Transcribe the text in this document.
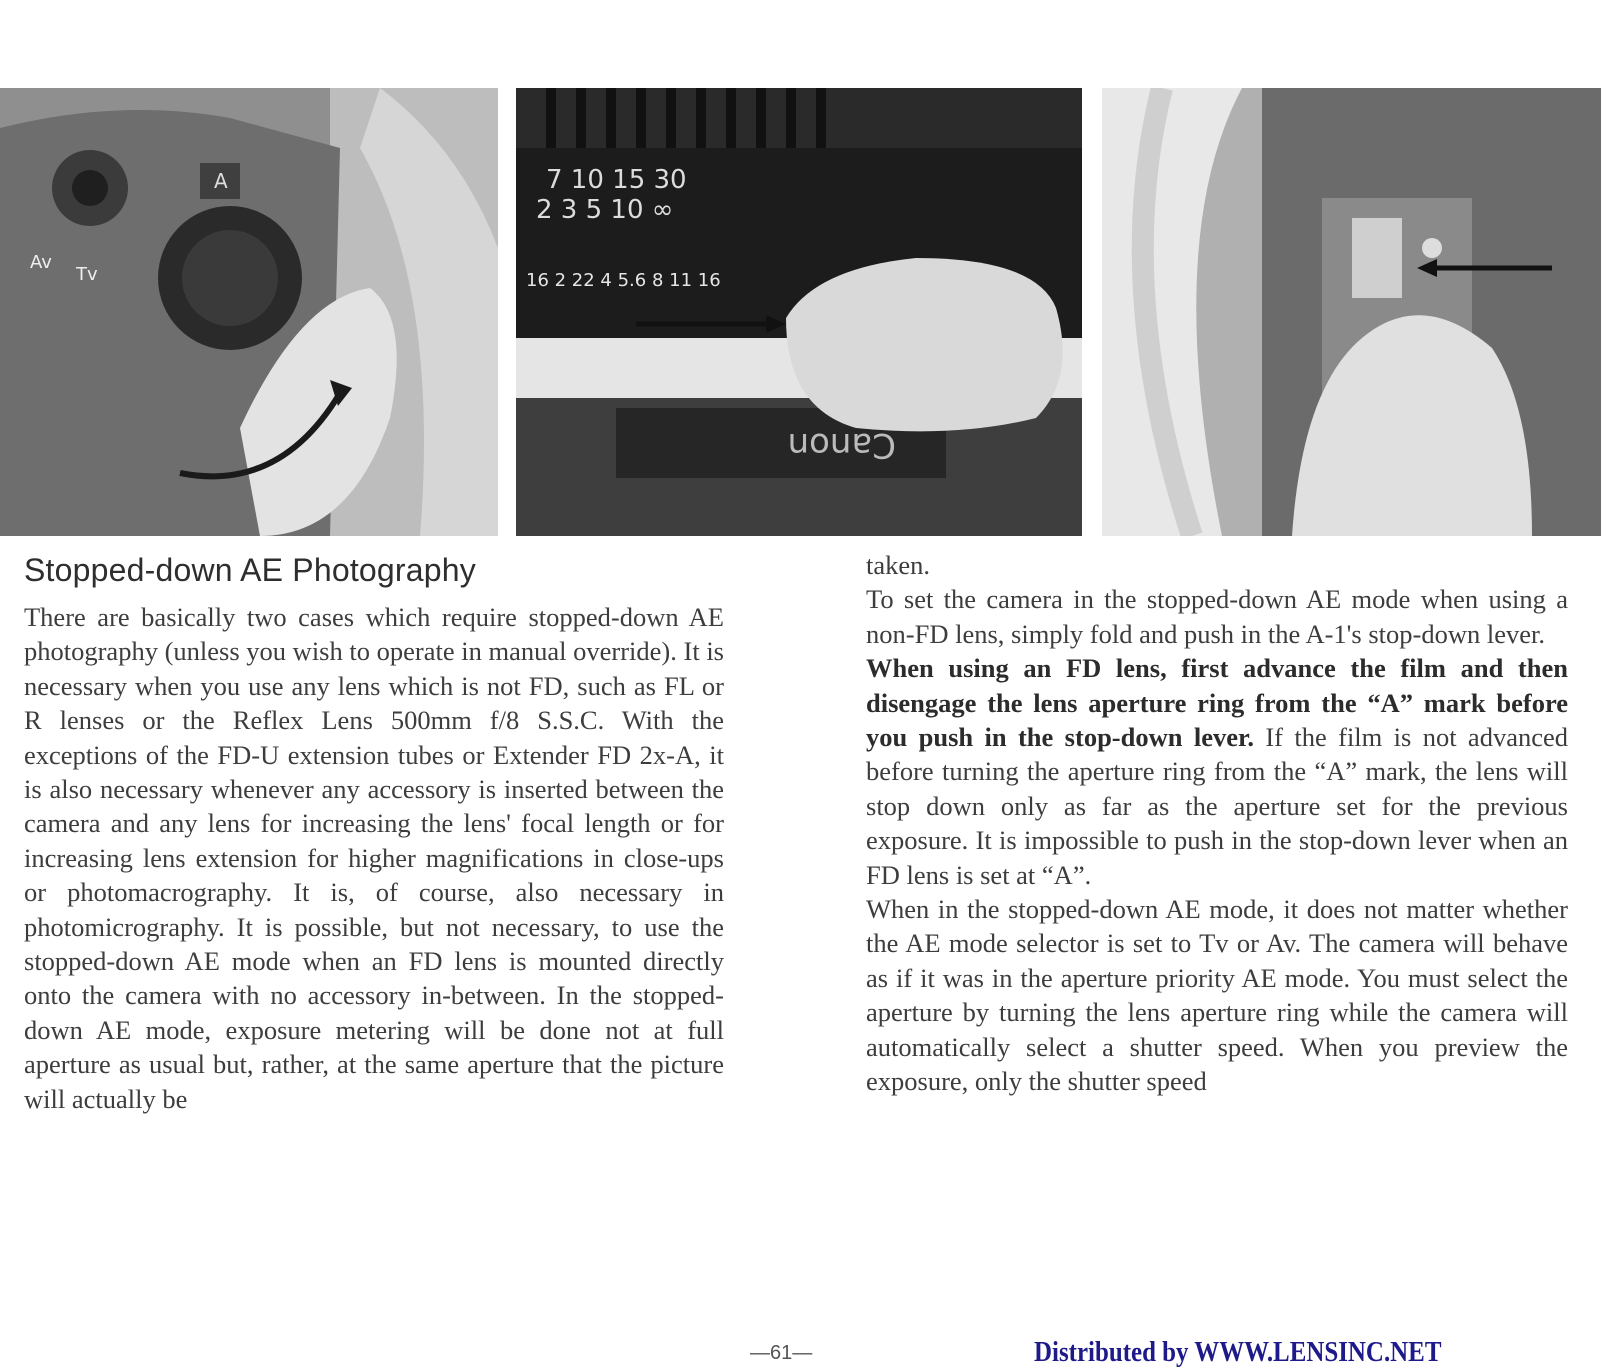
A
Av
Tv
7 10 15 30
2 3 5 10 ∞
16 2 22 4 5.6 8 11 16
Canon
Stopped-down AE Photography

There are basically two cases which require stopped-down AE photography (unless you wish to operate in manual override). It is necessary when you use any lens which is not FD, such as FL or R lenses or the Reflex Lens 500mm f/8 S.S.C. With the exceptions of the FD-U extension tubes or Extender FD 2x-A, it is also necessary whenever any accessory is inserted between the camera and any lens for increasing the lens' focal length or for increasing lens extension for higher magnifications in close-ups or photomacrography. It is, of course, also necessary in photomicrography. It is possible, but not necessary, to use the stopped-down AE mode when an FD lens is mounted directly onto the camera with no accessory in-between. In the stopped-down AE mode, exposure metering will be done not at full aperture as usual but, rather, at the same aperture that the picture will actually be

taken.

To set the camera in the stopped-down AE mode when using a non-FD lens, simply fold and push in the A-1's stop-down lever.

When using an FD lens, first advance the film and then disengage the lens aperture ring from the “A” mark before you push in the stop-down lever. If the film is not advanced before turning the aperture ring from the “A” mark, the lens will stop down only as far as the aperture set for the previous exposure. It is impossible to push in the stop-down lever when an FD lens is set at “A”.

When in the stopped-down AE mode, it does not matter whether the AE mode selector is set to Tv or Av. The camera will behave as if it was in the aperture priority AE mode. You must select the aperture by turning the lens aperture ring while the camera will automatically select a shutter speed. When you preview the exposure, only the shutter speed

—61—	Distributed by WWW.LENSINC.NET
